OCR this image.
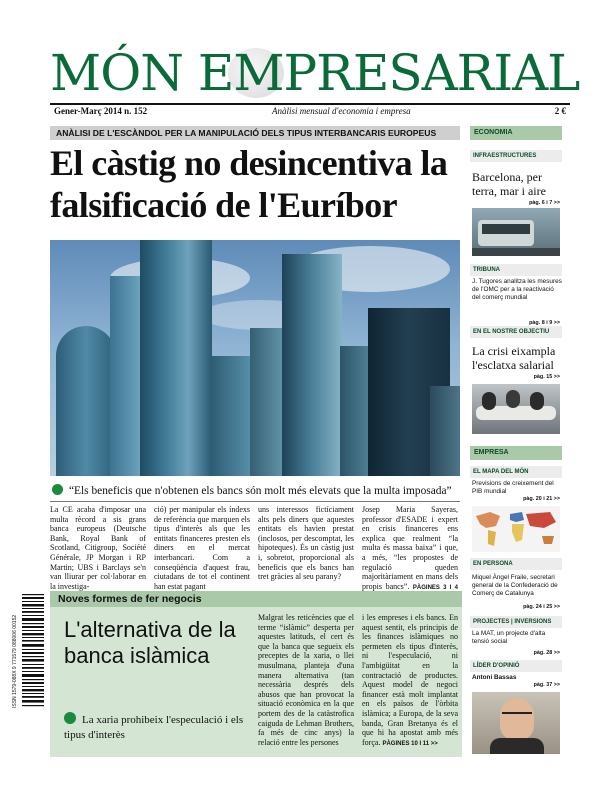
MÓN EMPRESARIAL
Gener-Març 2014 n. 152	Anàlisi mensual d'economia i empresa	2 €
ANÀLISI DE L'ESCÀNDOL PER LA MANIPULACIÓ DELS TIPUS INTERBANCARIS EUROPEUS
El càstig no desincentiva la falsificació de l'Euríbor
“Els beneficis que n'obtenen els bancs són molt més elevats que la multa imposada”

La CE acaba d'imposar una multa rècord a sis grans banca europeus (Deutsche Bank, Royal Bank of Scotland, Citigroup, Société Générale, JP Morgan i RP Martin; UBS i Barclays se'n van lliurar per col·laborar en la investiga-

ció) per manipular els índexs de referència que marquen els tipus d'interès als que les entitats financeres presten els diners en el mercat interbancari. Com a conseqüència d'aquest frau, ciutadans de tot el continent han estat pagant

uns interessos fictíciament alts pels diners que aquestes entitats els havien prestat (inclosos, per descomptat, les hipoteques). És un càstig just i, sobretot, proporcional als beneficis que els bancs han tret gràcies al seu parany?

Josep Maria Sayeras, professor d'ESADE i expert en crisis financeres ens explica que realment “la multa és massa baixa” i que, a més, “les propostes de regulació queden majoritàriament en mans dels propis bancs”. PÀGINES 3 I 4

Noves formes de fer negocis
L'alternativa de la banca islàmica
La xaria prohibeix l'especulació i els tipus d'interès

Malgrat les reticències que el terme “islàmic” desperta per aquestes latituds, el cert és que la banca que segueix els preceptes de la xaria, o llei musulmana, planteja d'una manera alternativa (tan necessària després dels abusos que han provocat la situació econòmica en la que portem des de la catàstrofica caiguda de Lehman Brothers, fa més de cinc anys) la relació entre les persones

i les empreses i els bancs. En aquest sentit, els principis de les finances islàmiques no permeten els tipus d'interès, ni l'especulació, ni l'ambigüitat en la contractació de productes. Aquest model de negoci financer està molt implantat en els països de l'òrbita islàmica; a Europa, de la seva banda, Gran Bretanya és el que hi ha apostat amb més força. PÀGINES 10 I 11 >>

ISSN 1579-088X 9 771579 088006 00152
ECONOMIA
INFRAESTRUCTURES
Barcelona, per terra, mar i aire
pàg. 6 i 7 >>
TRIBUNA
J. Tugores analitza les mesures de l'OMC per a la reactivació del comerç mundial
pàg. 8 i 9 >>
EN EL NOSTRE OBJECTIU
La crisi eixampla l'esclatxa salarial
pàg. 15 >>
EMPRESA
EL MAPA DEL MÓN
Previsions de creixement del PIB mundial
pàg. 20 i 21 >>
EN PERSONA
Miquel Àngel Fraile, secretari general de la Confederació de Comerç de Catalunya
pàg. 24 i 25 >>
PROJECTES | INVERSIONS
La MAT, un projecte d'alta tensió social
pàg. 28 >>
LÍDER D'OPINIÓ
Antoni Bassas
pàg. 37 >>
